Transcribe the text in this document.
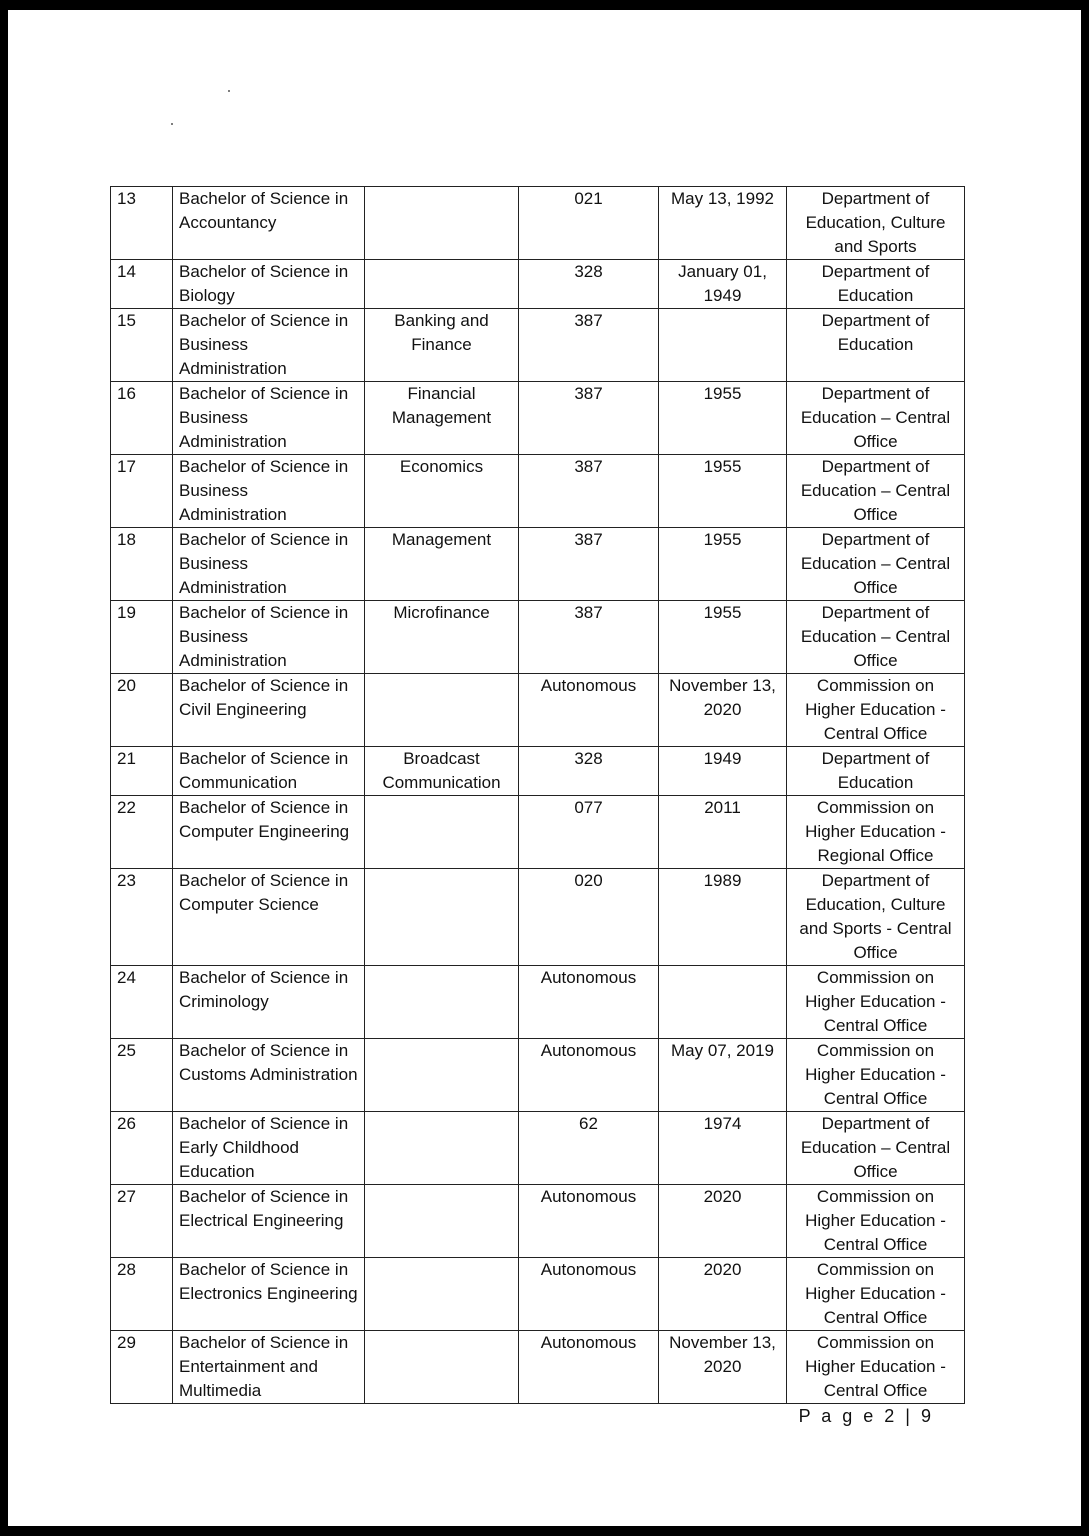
13	Bachelor of Science in Accountancy		021	May 13, 1992	Department of Education, Culture and Sports
14	Bachelor of Science in Biology		328	January 01, 1949	Department of Education
15	Bachelor of Science in Business Administration	Banking and Finance	387		Department of Education
16	Bachelor of Science in Business Administration	Financial Management	387	1955	Department of Education – Central Office
17	Bachelor of Science in Business Administration	Economics	387	1955	Department of Education – Central Office
18	Bachelor of Science in Business Administration	Management	387	1955	Department of Education – Central Office
19	Bachelor of Science in Business Administration	Microfinance	387	1955	Department of Education – Central Office
20	Bachelor of Science in Civil Engineering		Autonomous	November 13, 2020	Commission on Higher Education - Central Office
21	Bachelor of Science in Communication	Broadcast Communication	328	1949	Department of Education
22	Bachelor of Science in Computer Engineering		077	2011	Commission on Higher Education - Regional Office
23	Bachelor of Science in Computer Science		020	1989	Department of Education, Culture and Sports - Central Office
24	Bachelor of Science in Criminology		Autonomous		Commission on Higher Education - Central Office
25	Bachelor of Science in Customs Administration		Autonomous	May 07, 2019	Commission on Higher Education - Central Office
26	Bachelor of Science in Early Childhood Education		62	1974	Department of Education – Central Office
27	Bachelor of Science in Electrical Engineering		Autonomous	2020	Commission on Higher Education - Central Office
28	Bachelor of Science in Electronics Engineering		Autonomous	2020	Commission on Higher Education - Central Office
29	Bachelor of Science in Entertainment and Multimedia		Autonomous	November 13, 2020	Commission on Higher Education - Central Office
P a g e 2 | 9
